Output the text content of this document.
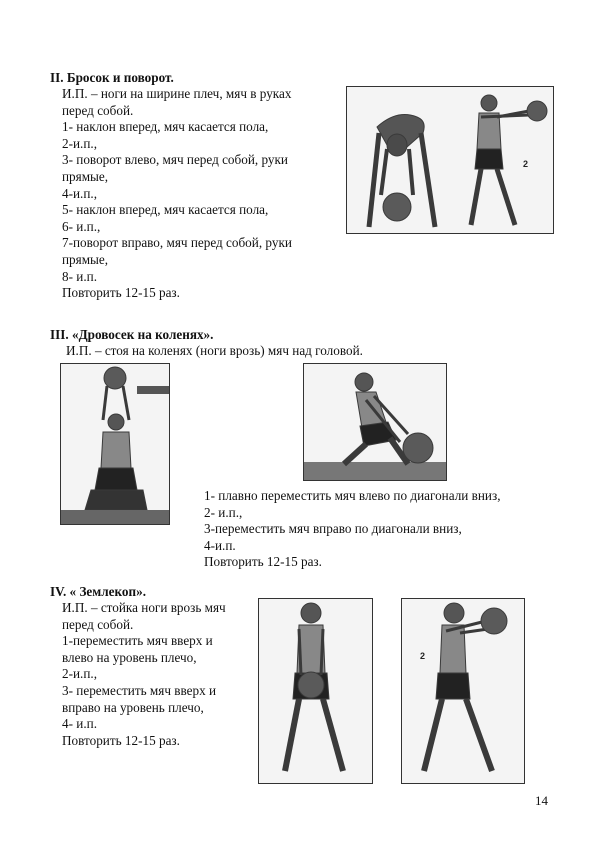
II. Бросок и поворот.
И.П. – ноги на ширине плеч, мяч в руках
перед собой.
1- наклон вперед, мяч касается пола,
2-и.п.,
3- поворот влево, мяч перед собой, руки
прямые,
4-и.п.,
5- наклон вперед, мяч касается пола,
6- и.п.,
7-поворот вправо, мяч перед собой, руки
прямые,
8- и.п.
Повторить 12-15 раз.
2
III. «Дровосек на коленях».
И.П. – стоя на коленях (ноги врозь) мяч над головой.
1- плавно переместить мяч влево по диагонали вниз,
2- и.п.,
3-переместить мяч вправо по диагонали вниз,
4-и.п.
Повторить 12-15 раз.
IV. « Землекоп».
И.П. – стойка ноги врозь мяч
перед собой.
1-переместить мяч вверх и
влево на уровень плечо,
2-и.п.,
3- переместить мяч вверх и
вправо на уровень плечо,
4- и.п.
Повторить 12-15 раз.
2
14
